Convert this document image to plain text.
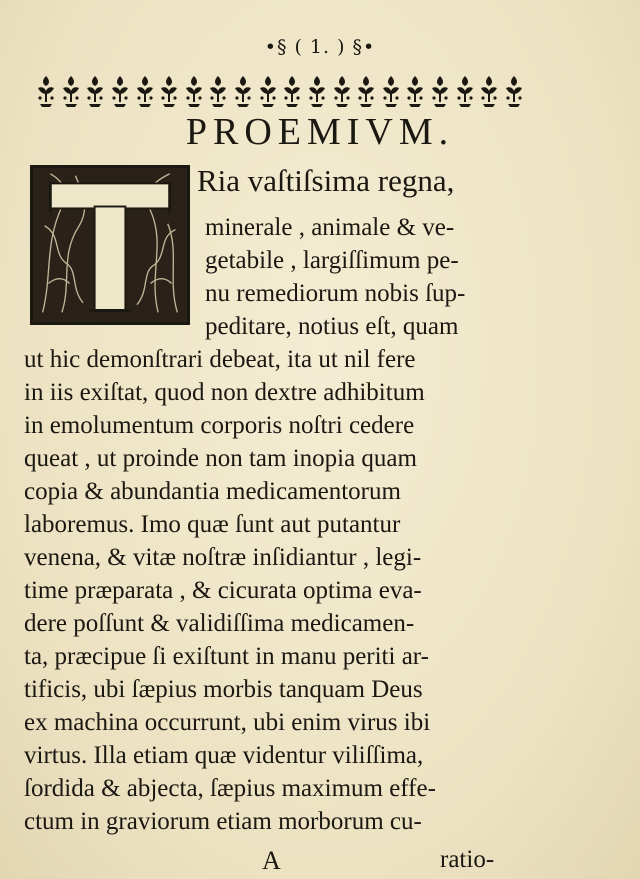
•§ ( 1. ) §•
PROEMIVM.
Ria vaſtiſsima regna,
minerale , animale & ve-
getabile , largiſſimum pe-
nu remediorum nobis ſup-
peditare, notius eſt, quam
ut hic demonſtrari debeat, ita ut nil fere
in iis exiſtat, quod non dextre adhibitum
in emolumentum corporis noſtri cedere
queat , ut proinde non tam inopia quam
copia & abundantia medicamentorum
laboremus. Imo quæ ſunt aut putantur
venena, & vitæ noſtræ inſidiantur , legi-
time præparata , & cicurata optima eva-
dere poſſunt & validiſſima medicamen-
ta, præcipue ſi exiſtunt in manu periti ar-
tificis, ubi ſæpius morbis tanquam Deus
ex machina occurrunt, ubi enim virus ibi
virtus. Illa etiam quæ videntur viliſſima,
ſordida & abjecta, ſæpius maximum effe-
ctum in graviorum etiam morborum cu-
A	ratio-
